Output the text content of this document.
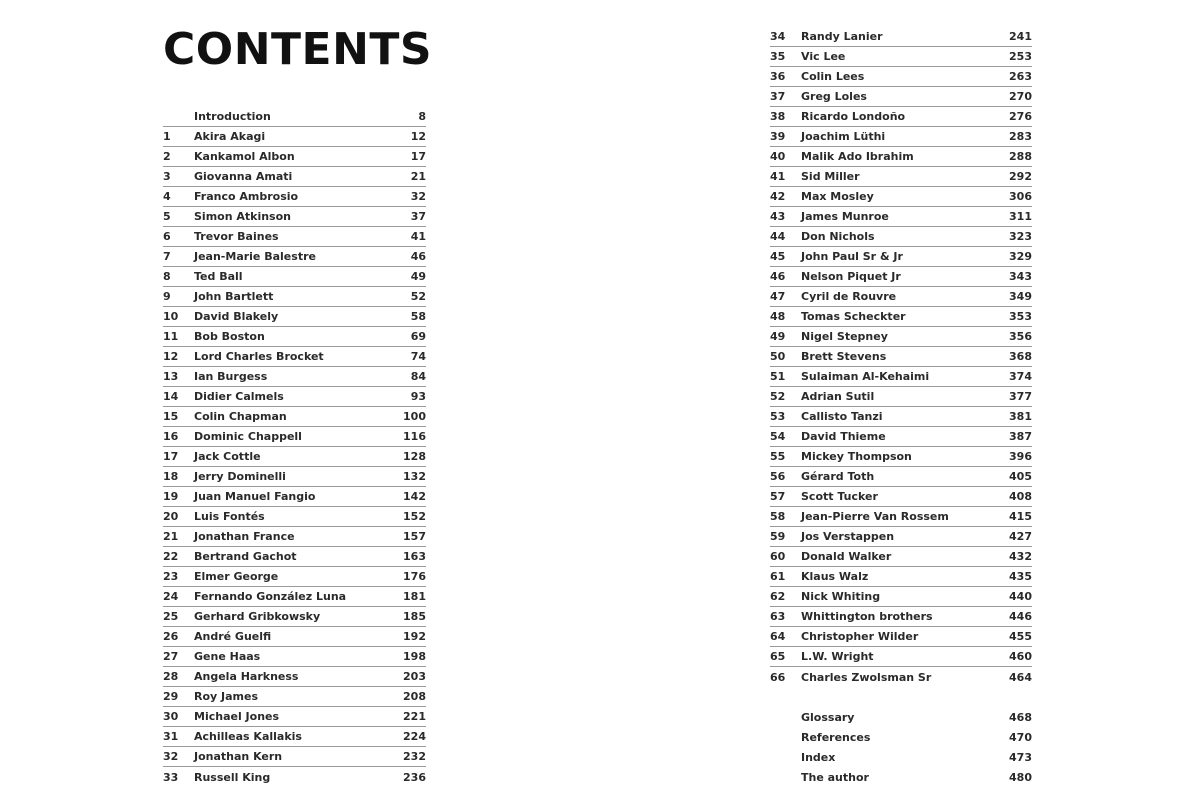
CONTENTS
Introduction	8
1	Akira Akagi	12
2	Kankamol Albon	17
3	Giovanna Amati	21
4	Franco Ambrosio	32
5	Simon Atkinson	37
6	Trevor Baines	41
7	Jean-Marie Balestre	46
8	Ted Ball	49
9	John Bartlett	52
10	David Blakely	58
11	Bob Boston	69
12	Lord Charles Brocket	74
13	Ian Burgess	84
14	Didier Calmels	93
15	Colin Chapman	100
16	Dominic Chappell	116
17	Jack Cottle	128
18	Jerry Dominelli	132
19	Juan Manuel Fangio	142
20	Luis Fontés	152
21	Jonathan France	157
22	Bertrand Gachot	163
23	Elmer George	176
24	Fernando González Luna	181
25	Gerhard Gribkowsky	185
26	André Guelfi	192
27	Gene Haas	198
28	Angela Harkness	203
29	Roy James	208
30	Michael Jones	221
31	Achilleas Kallakis	224
32	Jonathan Kern	232
33	Russell King	236
34	Randy Lanier	241
35	Vic Lee	253
36	Colin Lees	263
37	Greg Loles	270
38	Ricardo Londoño	276
39	Joachim Lüthi	283
40	Malik Ado Ibrahim	288
41	Sid Miller	292
42	Max Mosley	306
43	James Munroe	311
44	Don Nichols	323
45	John Paul Sr & Jr	329
46	Nelson Piquet Jr	343
47	Cyril de Rouvre	349
48	Tomas Scheckter	353
49	Nigel Stepney	356
50	Brett Stevens	368
51	Sulaiman Al-Kehaimi	374
52	Adrian Sutil	377
53	Callisto Tanzi	381
54	David Thieme	387
55	Mickey Thompson	396
56	Gérard Toth	405
57	Scott Tucker	408
58	Jean-Pierre Van Rossem	415
59	Jos Verstappen	427
60	Donald Walker	432
61	Klaus Walz	435
62	Nick Whiting	440
63	Whittington brothers	446
64	Christopher Wilder	455
65	L.W. Wright	460
66	Charles Zwolsman Sr	464
Glossary	468
References	470
Index	473
The author	480
